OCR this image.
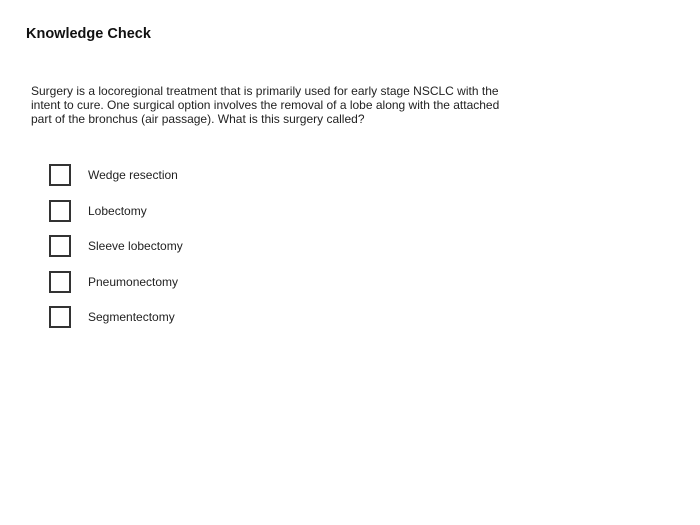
Knowledge Check

Surgery is a locoregional treatment that is primarily used for early stage NSCLC with the intent to cure. One surgical option involves the removal of a lobe along with the attached part of the bronchus (air passage). What is this surgery called?

Wedge resection
Lobectomy
Sleeve lobectomy
Pneumonectomy
Segmentectomy
